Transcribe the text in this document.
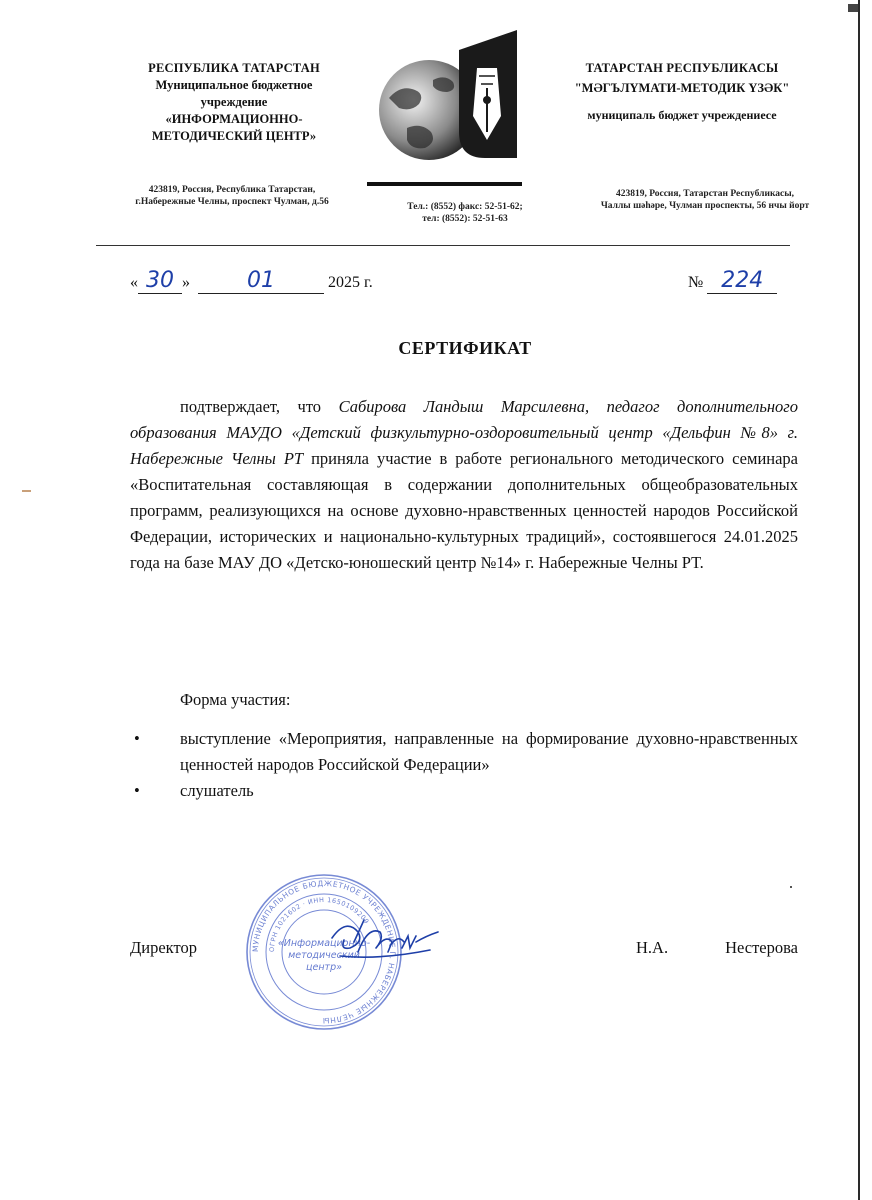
РЕСПУБЛИКА ТАТАРСТАН
Муниципальное бюджетное
учреждение
«ИНФОРМАЦИОННО-
МЕТОДИЧЕСКИЙ ЦЕНТР»
423819, Россия, Республика Татарстан,
г.Набережные Челны, проспект Чулман, д.56	Тел.: (8552) факс: 52-51-62;
тел: (8552): 52-51-63
ТАТАРСТАН РЕСПУБЛИКАСЫ
"МӘГЪЛҮМАТИ-МЕТОДИК ҮЗӘК"
муниципаль бюджет учреждениесе
423819, Россия, Татарстан Республикасы,
Чаллы шәһәре, Чулман проспекты, 56 нчы йорт
« 30 »	01	2025 г.	№ 224
СЕРТИФИКАТ

подтверждает, что Сабирова Ландыш Марсилевна, педагог дополнительного образования МАУДО «Детский физкультурно-оздоровительный центр «Дельфин №8» г. Набережные Челны РТ приняла участие в работе регионального методического семинара «Воспитательная составляющая в содержании дополнительных общеобразовательных программ, реализующихся на основе духовно-нравственных ценностей народов Российской Федерации, исторических и национально-культурных традиций», состоявшегося 24.01.2025 года на базе МАУ ДО «Детско-юношеский центр №14» г. Набережные Челны РТ.

Форма участия:
• выступление «Мероприятия, направленные на формирование духовно-нравственных ценностей народов Российской Федерации»
• слушатель
Директор	Н.А.	Нестерова
МУНИЦИПАЛЬНОЕ БЮДЖЕТНОЕ УЧРЕЖДЕНИЕ Г. НАБЕРЕЖНЫЕ ЧЕЛНЫ
ОГРН 1021602 · ИНН 1650109209
«Информационно-
методический
центр»
